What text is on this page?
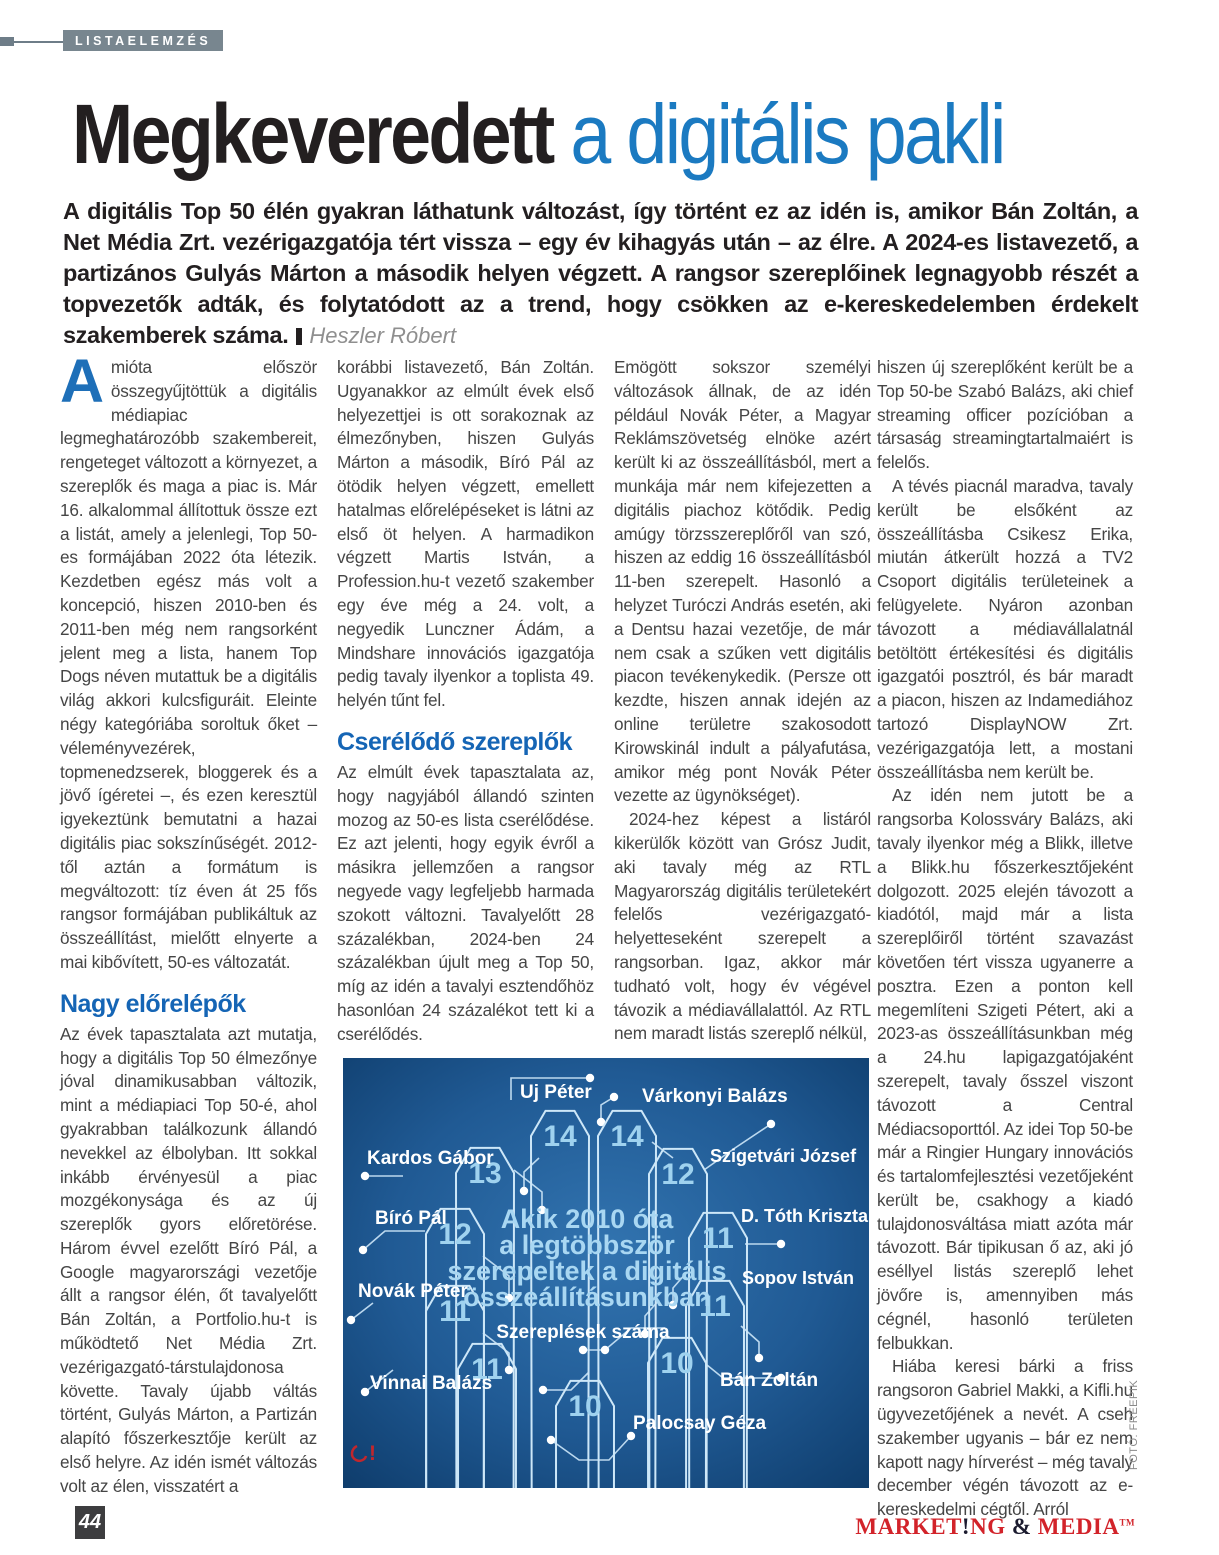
LISTAELEMZÉS
Megkeveredett a digitális pakli
A digitális Top 50 élén gyakran láthatunk változást, így történt ez az idén is, amikor Bán Zoltán, a Net Média Zrt. vezérigazgatója tért vissza – egy év kihagyás után – az élre. A 2024-es listavezető, a partizános Gulyás Márton a második helyen végzett. A rangsor szereplőinek legnagyobb részét a topvezetők adták, és folytatódott az a trend, hogy csökken az e-kereskedelemben érdekelt szakemberek száma. Heszler Róbert

Amióta először összegyűjtöttük a digitális médiapiac legmeghatározóbb szakembereit, rengeteget változott a környezet, a szereplők és maga a piac is. Már 16. alkalommal állítottuk össze ezt a listát, amely a jelenlegi, Top 50-es formájában 2022 óta létezik. Kezdetben egész más volt a koncepció, hiszen 2010-ben és 2011-ben még nem rangsorként jelent meg a lista, hanem Top Dogs néven mutattuk be a digitális világ akkori kulcsfiguráit. Eleinte négy kategóriába soroltuk őket – véleményvezérek, topmenedzserek, bloggerek és a jövő ígéretei –, és ezen keresztül igyekeztünk bemutatni a hazai digitális piac sokszínűségét. 2012-től aztán a formátum is megváltozott: tíz éven át 25 fős rangsor formájában publikáltuk az összeállítást, mielőtt elnyerte a mai kibővített, 50-es változatát.

Nagy előrelépők

Az évek tapasztalata azt mutatja, hogy a digitális Top 50 élmezőnye jóval dinamikusabban változik, mint a médiapiaci Top 50-é, ahol gyakrabban találkozunk állandó nevekkel az élbolyban. Itt sokkal inkább érvényesül a piac mozgékonysága és az új szereplők gyors előretörése. Három évvel ezelőtt Bíró Pál, a Google magyarországi vezetője állt a rangsor élén, őt tavalyelőtt Bán Zoltán, a Portfolio.hu-t is működtető Net Média Zrt. vezérigazgató-társtulajdonosa követte. Tavaly újabb váltás történt, Gulyás Márton, a Partizán alapító főszerkesztője került az első helyre. Az idén ismét változás volt az élen, visszatért a

korábbi listavezető, Bán Zoltán. Ugyanakkor az elmúlt évek első helyezettjei is ott sorakoznak az élmezőnyben, hiszen Gulyás Márton a második, Bíró Pál az ötödik helyen végzett, emellett hatalmas előrelépéseket is látni az első öt helyen. A harmadikon végzett Martis István, a Profession.hu-t vezető szakember egy éve még a 24. volt, a negyedik Lunczner Ádám, a Mindshare innovációs igazgatója pedig tavaly ilyenkor a toplista 49. helyén tűnt fel.

Cserélődő szereplők

Az elmúlt évek tapasztalata az, hogy nagyjából állandó szinten mozog az 50-es lista cserélődése. Ez azt jelenti, hogy egyik évről a másikra jellemzően a rangsor negyede vagy legfeljebb harmada szokott változni. Tavalyelőtt 28 százalékban, 2024-ben 24 százalékban újult meg a Top 50, míg az idén a tavalyi esztendőhöz hasonlóan 24 százalékot tett ki a cserélődés.

Emögött sokszor személyi változások állnak, de az idén például Novák Péter, a Magyar Reklámszövetség elnöke azért került ki az összeállításból, mert a munkája már nem kifejezetten a digitális piachoz kötődik. Pedig amúgy törzsszereplőről van szó, hiszen az eddig 16 összeállításból 11-ben szerepelt. Hasonló a helyzet Turóczi András esetén, aki a Dentsu hazai vezetője, de már nem csak a szűken vett digitális piacon tevékenykedik. (Persze ott kezdte, hiszen annak idején az online területre szakosodott Kirowskinál indult a pályafutása, amikor még pont Novák Péter vezette az ügynökséget).

2024-hez képest a listáról kikerülők között van Grósz Judit, aki tavaly még az RTL Magyarország digitális területekért felelős vezérigazgató-helyetteseként szerepelt a rangsorban. Igaz, akkor már tudható volt, hogy év végével távozik a médiavállalattól. Az RTL nem maradt listás szereplő nélkül,

hiszen új szereplőként került be a Top 50-be Szabó Balázs, aki chief streaming officer pozícióban a társaság streamingtartalmaiért is felelős.

A tévés piacnál maradva, tavaly került be elsőként az összeállításba Csikesz Erika, miután átkerült hozzá a TV2 Csoport digitális területeinek a felügyelete. Nyáron azonban távozott a médiavállalatnál betöltött értékesítési és digitális igazgatói posztról, és bár maradt a piacon, hiszen az Indamediához tartozó DisplayNOW Zrt. vezérigazgatója lett, a mostani összeállításba nem került be.

Az idén nem jutott be a rangsorba Kolossváry Balázs, aki tavaly ilyenkor még a Blikk, illetve a Blikk.hu főszerkesztőjeként dolgozott. 2025 elején távozott a kiadótól, majd már a lista szereplőiről történt szavazást követően tért vissza ugyanerre a posztra. Ezen a ponton kell megemlíteni Szigeti Pétert, aki a 2023-as összeállításunkban még a 24.hu lapigazgatójaként szerepelt, tavaly ősszel viszont távozott a Central Médiacsoporttól. Az idei Top 50-be már a Ringier Hungary innovációs és tartalomfejlesztési vezetőjeként került be, csakhogy a kiadó tulajdonosváltása miatt azóta már távozott. Bár tipikusan ő az, aki jó eséllyel listás szereplő lehet jövőre is, amennyiben más cégnél, hasonló területen felbukkan.

Hiába keresi bárki a friss rangsoron Gabriel Makki, a Kifli.hu ügyvezetőjének a nevét. A cseh szakember ugyanis – bár ez nem kapott nagy hírverést – még tavaly december végén távozott az e-kereskedelmi cégtől. Arról

14
Uj Péter
14
Várkonyi Balázs
13
Kardos Gábor	12
Szigetvári József
12
Bíró Pál
11
D. Tóth Kriszta
11
Novák Péter	11
Sopov István
11
Vinnai Balázs
10
Bán Zoltán
10
Palocsay Géza
Akik 2010 óta
a legtöbbször
szerepeltek a digitális
összeállításunkban
Szereplések száma
!	FOTÓ: FREEPIK
44	MARKET!NG & MEDIA™
